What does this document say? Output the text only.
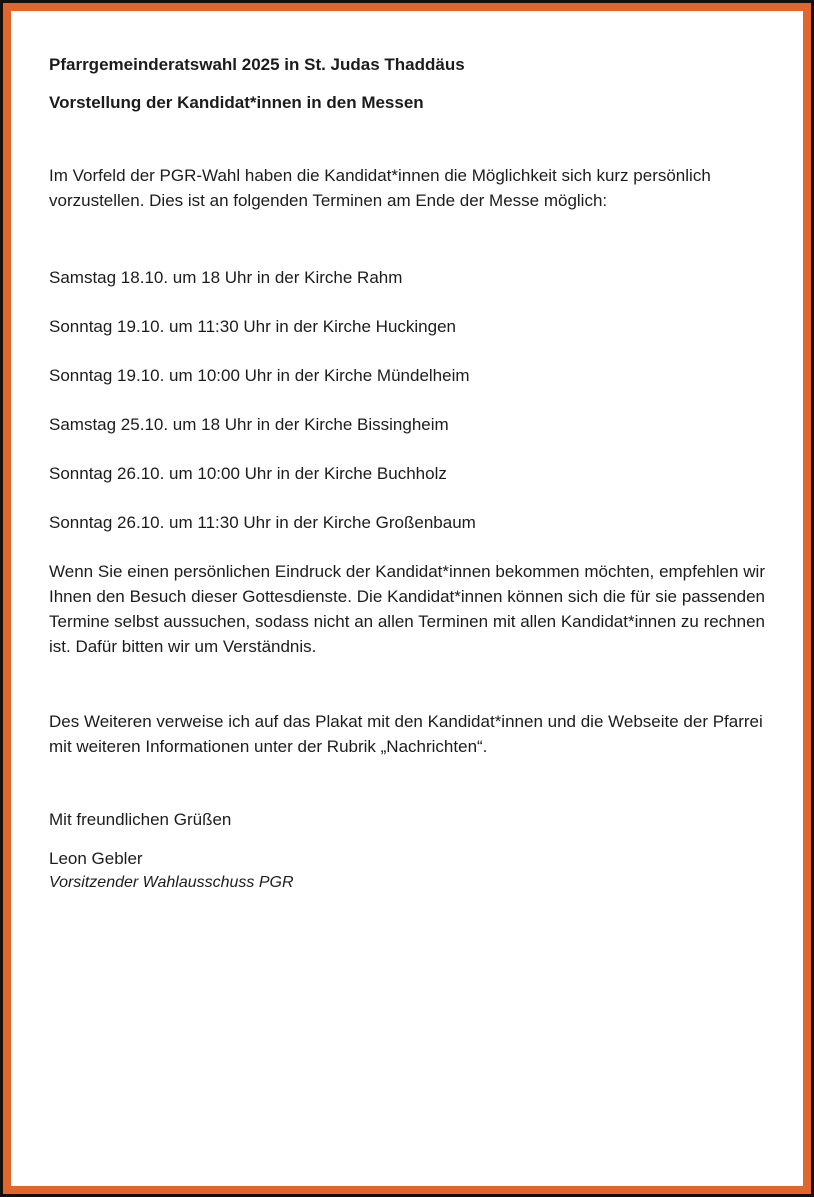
Pfarrgemeinderatswahl 2025 in St. Judas Thaddäus

Vorstellung der Kandidat*innen in den Messen

Im Vorfeld der PGR-Wahl haben die Kandidat*innen die Möglichkeit sich kurz persönlich vorzustellen. Dies ist an folgenden Terminen am Ende der Messe möglich:

Samstag 18.10. um 18 Uhr in der Kirche Rahm

Sonntag 19.10. um 11:30 Uhr in der Kirche Huckingen

Sonntag 19.10. um 10:00 Uhr in der Kirche Mündelheim

Samstag 25.10. um 18 Uhr in der Kirche Bissingheim

Sonntag 26.10. um 10:00 Uhr in der Kirche Buchholz

Sonntag 26.10. um 11:30 Uhr in der Kirche Großenbaum

Wenn Sie einen persönlichen Eindruck der Kandidat*innen bekommen möchten, empfehlen wir Ihnen den Besuch dieser Gottesdienste. Die Kandidat*innen können sich die für sie passenden Termine selbst aussuchen, sodass nicht an allen Terminen mit allen Kandidat*innen zu rechnen ist. Dafür bitten wir um Verständnis.

Des Weiteren verweise ich auf das Plakat mit den Kandidat*innen und die Webseite der Pfarrei mit weiteren Informationen unter der Rubrik „Nachrichten“.

Mit freundlichen Grüßen

Leon Gebler

Vorsitzender Wahlausschuss PGR
